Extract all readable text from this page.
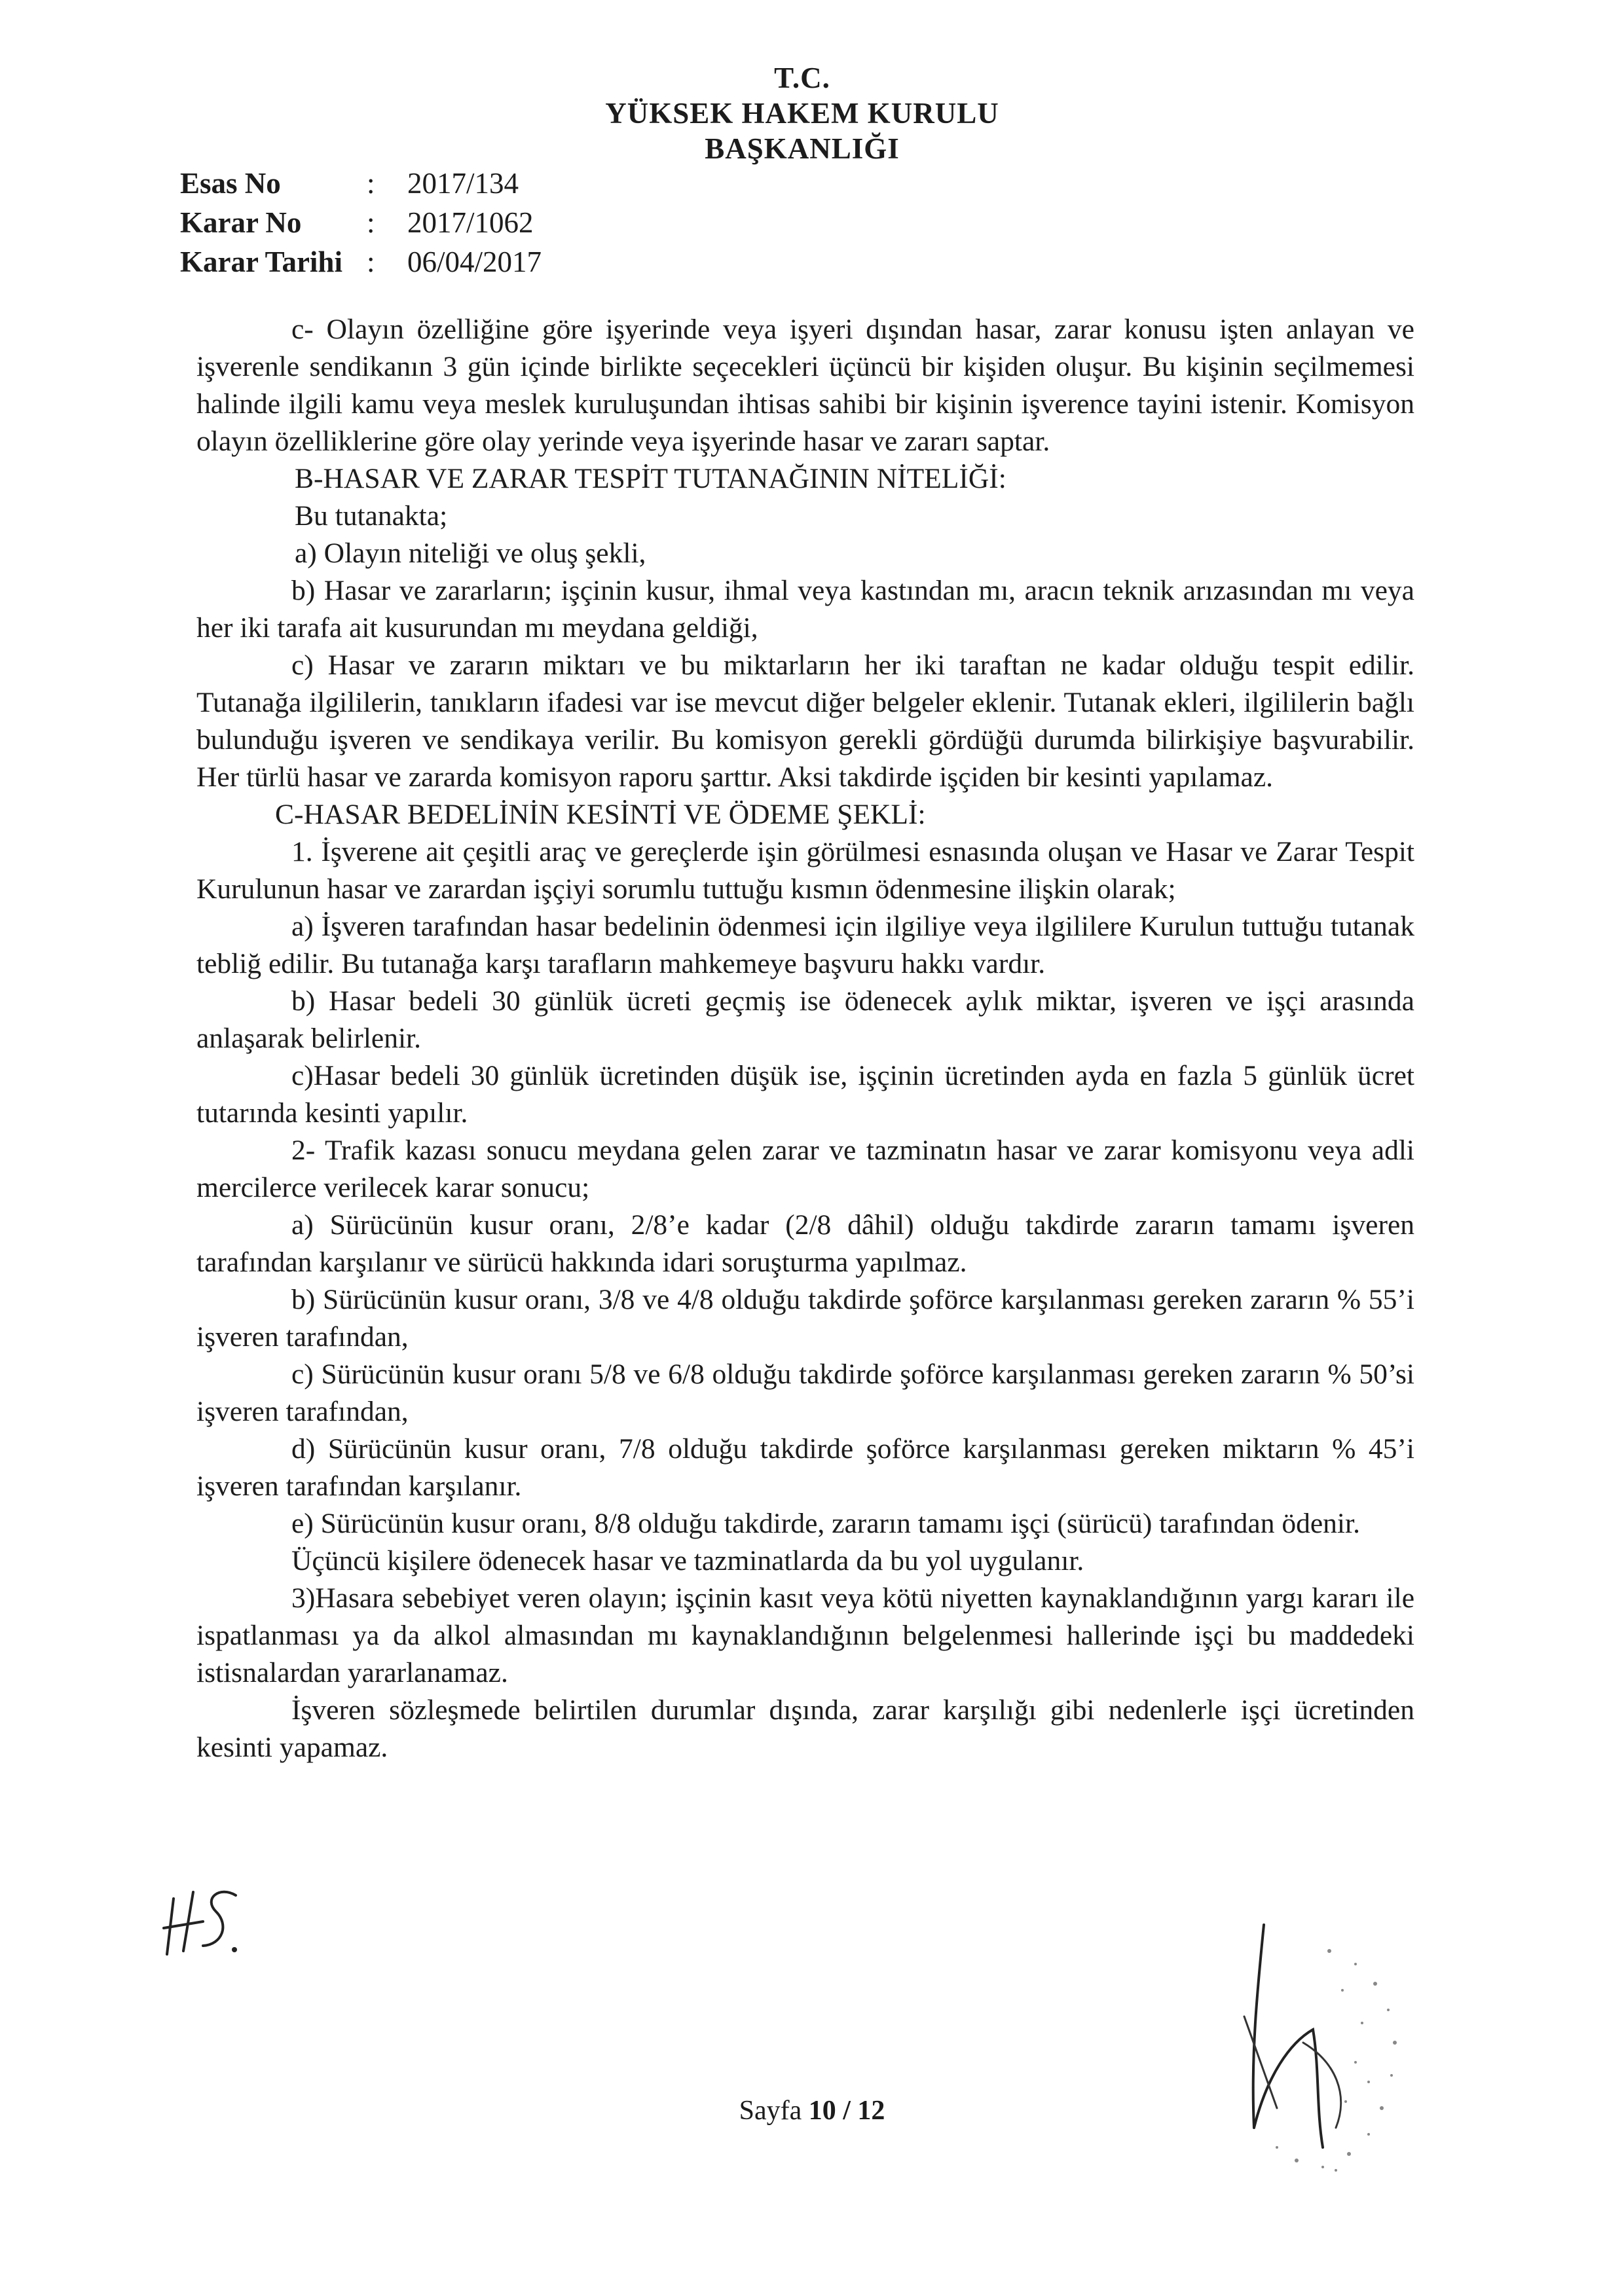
T.C.
YÜKSEK HAKEM KURULU
BAŞKANLIĞI
Esas No	:	2017/134
Karar No	:	2017/1062
Karar Tarihi :	06/04/2017

c- Olayın özelliğine göre işyerinde veya işyeri dışından hasar, zarar konusu işten anlayan ve işverenle sendikanın 3 gün içinde birlikte seçecekleri üçüncü bir kişiden oluşur. Bu kişinin seçilmemesi halinde ilgili kamu veya meslek kuruluşundan ihtisas sahibi bir kişinin işverence tayini istenir. Komisyon olayın özelliklerine göre olay yerinde veya işyerinde hasar ve zararı saptar.

B-HASAR VE ZARAR TESPİT TUTANAĞININ NİTELİĞİ:

Bu tutanakta;

a) Olayın niteliği ve oluş şekli,

b) Hasar ve zararların; işçinin kusur, ihmal veya kastından mı, aracın teknik arızasından mı veya her iki tarafa ait kusurundan mı meydana geldiği,

c) Hasar ve zararın miktarı ve bu miktarların her iki taraftan ne kadar olduğu tespit edilir. Tutanağa ilgililerin, tanıkların ifadesi var ise mevcut diğer belgeler eklenir. Tutanak ekleri, ilgililerin bağlı bulunduğu işveren ve sendikaya verilir. Bu komisyon gerekli gördüğü durumda bilirkişiye başvurabilir. Her türlü hasar ve zararda komisyon raporu şarttır. Aksi takdirde işçiden bir kesinti yapılamaz.

C-HASAR BEDELİNİN KESİNTİ VE ÖDEME ŞEKLİ:

1. İşverene ait çeşitli araç ve gereçlerde işin görülmesi esnasında oluşan ve Hasar ve Zarar Tespit Kurulunun hasar ve zarardan işçiyi sorumlu tuttuğu kısmın ödenmesine ilişkin olarak;

a) İşveren tarafından hasar bedelinin ödenmesi için ilgiliye veya ilgililere Kurulun tuttuğu tutanak tebliğ edilir. Bu tutanağa karşı tarafların mahkemeye başvuru hakkı vardır.

b) Hasar bedeli 30 günlük ücreti geçmiş ise ödenecek aylık miktar, işveren ve işçi arasında anlaşarak belirlenir.

c)Hasar bedeli 30 günlük ücretinden düşük ise, işçinin ücretinden ayda en fazla 5 günlük ücret tutarında kesinti yapılır.

2- Trafik kazası sonucu meydana gelen zarar ve tazminatın hasar ve zarar komisyonu veya adli mercilerce verilecek karar sonucu;

a) Sürücünün kusur oranı, 2/8’e kadar (2/8 dâhil) olduğu takdirde zararın tamamı işveren tarafından karşılanır ve sürücü hakkında idari soruşturma yapılmaz.

b) Sürücünün kusur oranı, 3/8 ve 4/8 olduğu takdirde şoförce karşılanması gereken zararın % 55’i işveren tarafından,

c) Sürücünün kusur oranı 5/8 ve 6/8 olduğu takdirde şoförce karşılanması gereken zararın % 50’si işveren tarafından,

d) Sürücünün kusur oranı, 7/8 olduğu takdirde şoförce karşılanması gereken miktarın % 45’i işveren tarafından karşılanır.

e) Sürücünün kusur oranı, 8/8 olduğu takdirde, zararın tamamı işçi (sürücü) tarafından ödenir.

Üçüncü kişilere ödenecek hasar ve tazminatlarda da bu yol uygulanır.

3)Hasara sebebiyet veren olayın; işçinin kasıt veya kötü niyetten kaynaklandığının yargı kararı ile ispatlanması ya da alkol almasından mı kaynaklandığının belgelenmesi hallerinde işçi bu maddedeki istisnalardan yararlanamaz.

İşveren sözleşmede belirtilen durumlar dışında, zarar karşılığı gibi nedenlerle işçi ücretinden kesinti yapamaz.

Sayfa 10 / 12
